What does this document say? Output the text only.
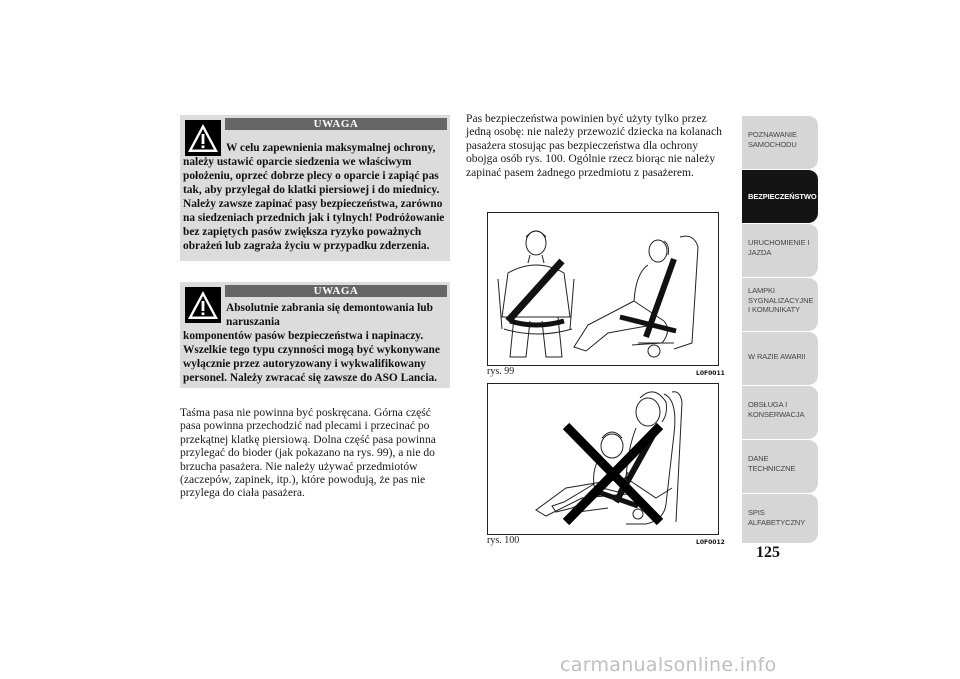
UWAGA
W celu zapewnienia maksymalnej ochrony,
należy ustawić oparcie siedzenia we właściwym położeniu, oprzeć dobrze plecy o oparcie i zapiąć pas tak, aby przylegał do klatki piersiowej i do miednicy. Należy zawsze zapinać pasy bezpieczeństwa, zarówno na siedzeniach przednich jak i tylnych! Podróżowanie bez zapiętych pasów zwiększa ryzyko poważnych obrażeń lub zagraża życiu w przypadku zderzenia.
UWAGA
Absolutnie zabrania się demontowania lub naruszania
komponentów pasów bezpieczeństwa i napinaczy. Wszelkie tego typu czynności mogą być wykonywane wyłącznie przez autoryzowany i wykwalifikowany personel. Należy zwracać się zawsze do ASO Lancia.
Taśma pasa nie powinna być poskręcana. Górna część pasa powinna przechodzić nad plecami i przecinać po przekątnej klatkę piersiową. Dolna część pasa powinna przylegać do bioder (jak pokazano na rys. 99), a nie do brzucha pasażera. Nie należy używać przedmiotów (zaczepów, zapinek, itp.), które powodują, że pas nie przylega do ciała pasażera.
Pas bezpieczeństwa powinien być użyty tylko przez jedną osobę: nie należy przewozić dziecka na kolanach pasażera stosując pas bezpieczeństwa dla ochrony obojga osób rys. 100. Ogólnie rzecz biorąc nie należy zapinać pasem żadnego przedmiotu z pasażerem.
rys. 99	L0F0011
rys. 100	L0F0012
POZNAWANIE SAMOCHODU
BEZPIECZEŃSTWO
URUCHOMIENIE I JAZDA
LAMPKI SYGNALIZACYJNE I KOMUNIKATY
W RAZIE AWARII
OBSŁUGA I KONSERWACJA
DANE TECHNICZNE
SPIS ALFABETYCZNY
125
carmanualsonline.info
